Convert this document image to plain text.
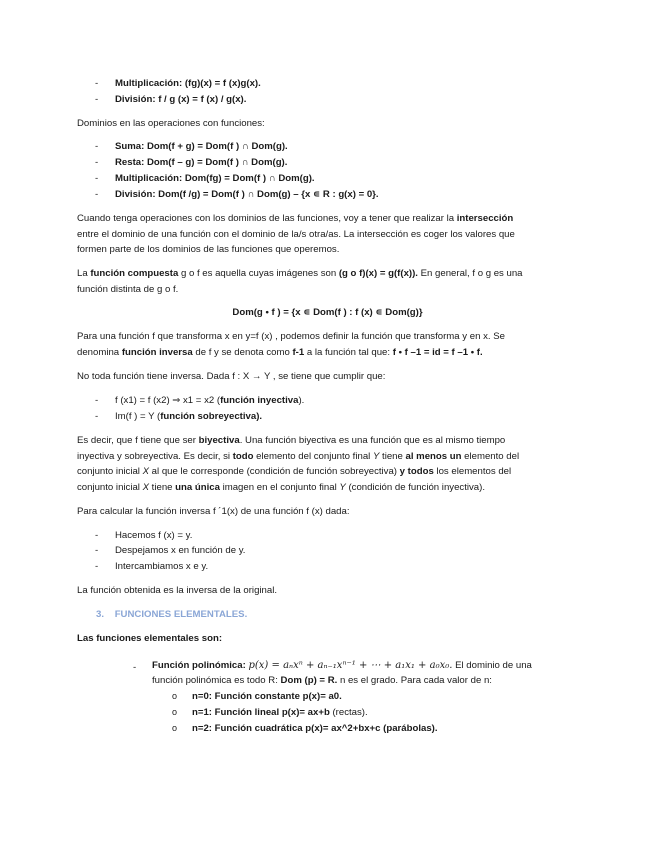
- Multiplicación: (fg)(x) = f (x)g(x).
- División: f / g (x) = f (x) / g(x).
Dominios en las operaciones con funciones:
- Suma: Dom(f + g) = Dom(f ) ∩ Dom(g).
- Resta: Dom(f – g) = Dom(f ) ∩ Dom(g).
- Multiplicación: Dom(fg) = Dom(f ) ∩ Dom(g).
- División: Dom(f /g) = Dom(f ) ∩ Dom(g) – {x ∊ R : g(x) = 0}.
Cuando tenga operaciones con los dominios de las funciones, voy a tener que realizar la intersección
entre el dominio de una función con el dominio de la/s otra/as. La intersección es coger los valores que
formen parte de los dominios de las funciones que operemos.
La función compuesta g o f es aquella cuyas imágenes son (g o f)(x) = g(f(x)). En general, f o g es una
función distinta de g o f.
Dom(g • f ) = {x ∊ Dom(f ) : f (x) ∊ Dom(g)}
Para una función f que transforma x en y=f (x) , podemos definir la función que transforma y en x. Se
denomina función inversa de f y se denota como f-1 a la función tal que: f • f –1 = id = f –1 • f.
No toda función tiene inversa. Dada f : X → Y , se tiene que cumplir que:
- f (x1) = f (x2) ⇒ x1 = x2 (función inyectiva).
- Im(f ) = Y (función sobreyectiva).
Es decir, que f tiene que ser biyectiva. Una función biyectiva es una función que es al mismo tiempo
inyectiva y sobreyectiva. Es decir, si todo elemento del conjunto final Y tiene al menos un elemento del
conjunto inicial X al que le corresponde (condición de función sobreyectiva) y todos los elementos del
conjunto inicial X tiene una única imagen en el conjunto final Y (condición de función inyectiva).
Para calcular la función inversa f ´1(x) de una función f (x) dada:
- Hacemos f (x) = y.
- Despejamos x en función de y.
- Intercambiamos x e y.
La función obtenida es la inversa de la original.
3. FUNCIONES ELEMENTALES.
Las funciones elementales son:
- Función polinómica: p(x) = aₙxⁿ + aₙ₋₁xⁿ⁻¹ + ⋯ + a₁x₁ + a₀x₀. El dominio de una
función polinómica es todo R: Dom (p) = R. n es el grado. Para cada valor de n:
o n=0: Función constante p(x)= a0.
o n=1: Función lineal p(x)= ax+b (rectas).
o n=2: Función cuadrática p(x)= ax^2+bx+c (parábolas).
